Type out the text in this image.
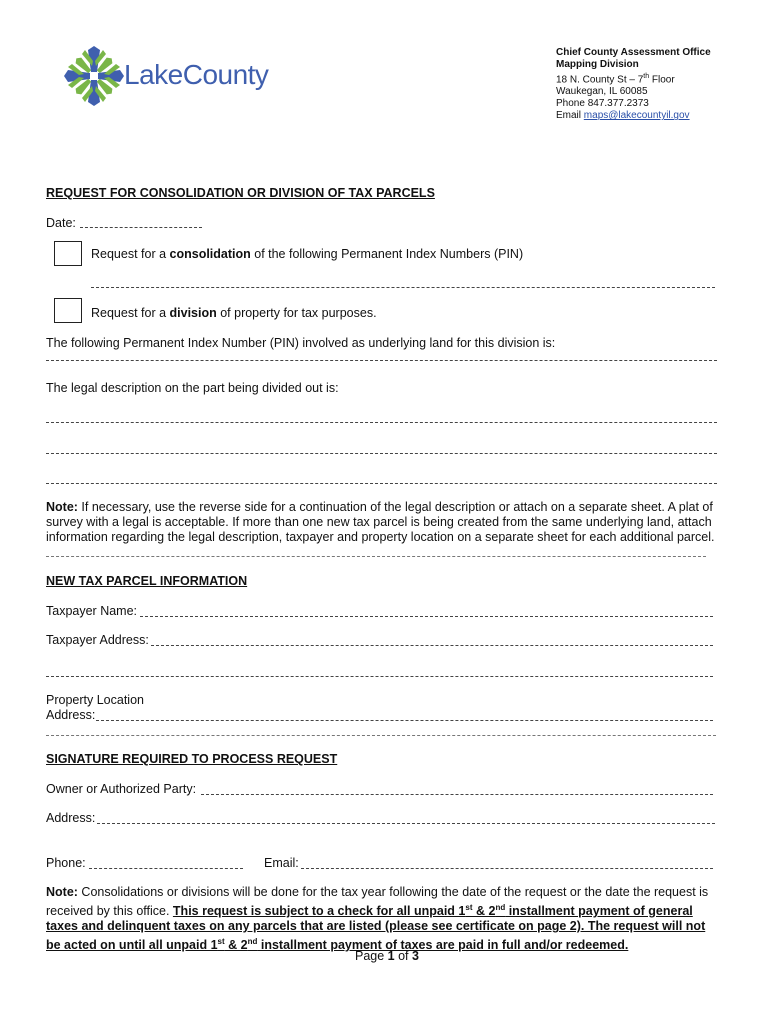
LakeCounty
Chief County Assessment Office
Mapping Division
18 N. County St – 7th Floor
Waukegan, IL 60085
Phone 847.377.2373
Email maps@lakecountyil.gov
REQUEST FOR CONSOLIDATION OR DIVISION OF TAX PARCELS
Date:
Request for a consolidation of the following Permanent Index Numbers (PIN)
Request for a division of property for tax purposes.
The following Permanent Index Number (PIN) involved as underlying land for this division is:
The legal description on the part being divided out is:
Note: If necessary, use the reverse side for a continuation of the legal description or attach on a separate sheet. A plat of
survey with a legal is acceptable. If more than one new tax parcel is being created from the same underlying land, attach
information regarding the legal description, taxpayer and property location on a separate sheet for each additional parcel.
NEW TAX PARCEL INFORMATION
Taxpayer Name:
Taxpayer Address:
Property Location
Address:
SIGNATURE REQUIRED TO PROCESS REQUEST
Owner or Authorized Party:
Address:
Phone:	Email:
Note: Consolidations or divisions will be done for the tax year following the date of the request or the date the request is
received by this office. This request is subject to a check for all unpaid 1st & 2nd installment payment of general
taxes and delinquent taxes on any parcels that are listed (please see certificate on page 2). The request will not
be acted on until all unpaid 1st & 2nd installment payment of taxes are paid in full and/or redeemed.
Page 1 of 3
